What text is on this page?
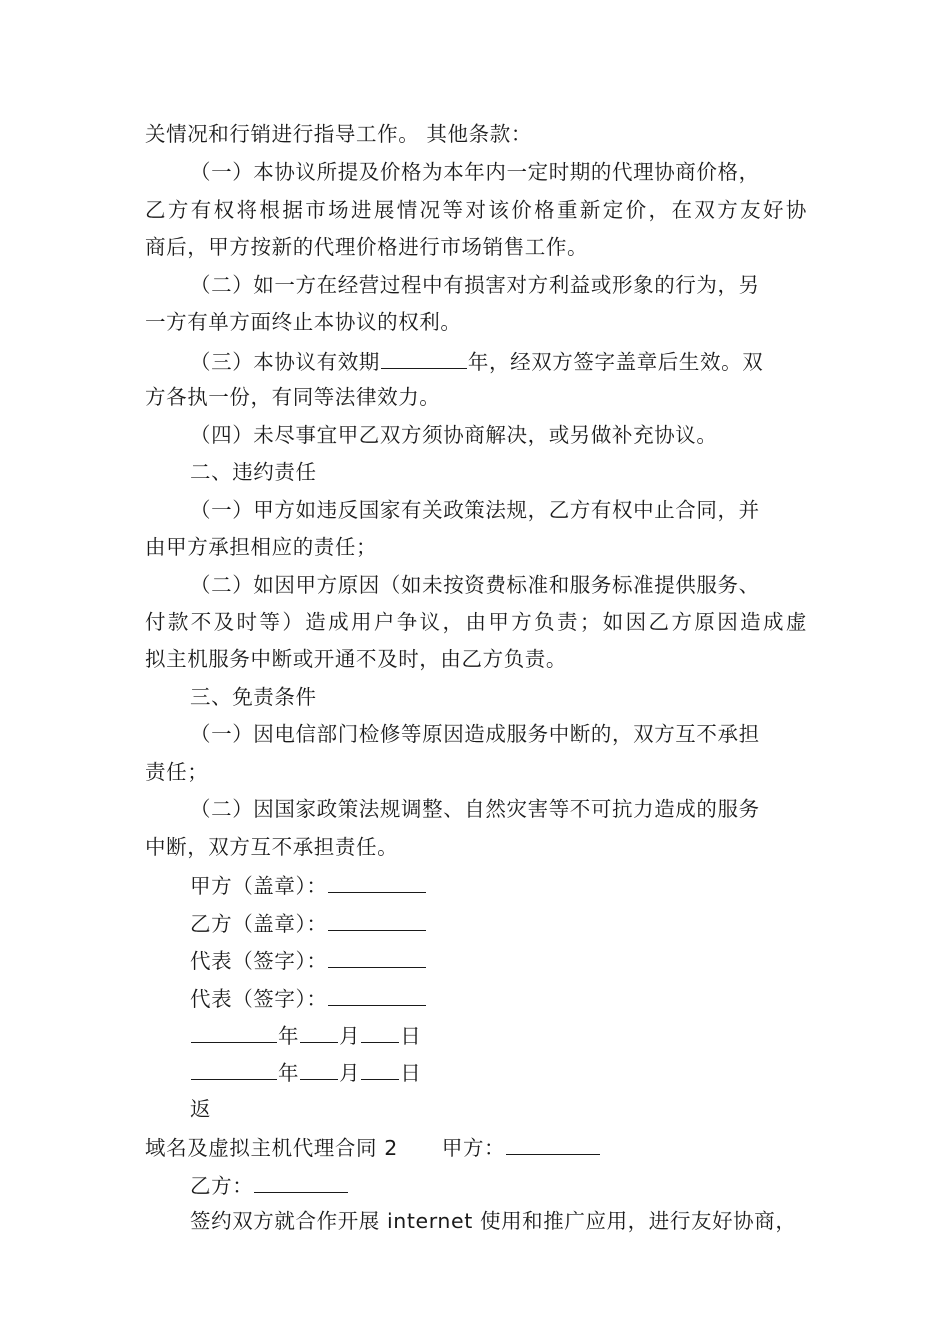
关情况和行销进行指导工作。 其他条款：
（一）本协议所提及价格为本年内一定时期的代理协商价格，
乙方有权将根据市场进展情况等对该价格重新定价，在双方友好协
商后，甲方按新的代理价格进行市场销售工作。
（二）如一方在经营过程中有损害对方利益或形象的行为，另
一方有单方面终止本协议的权利。
（三）本协议有效期	年，经双方签字盖章后生效。双
方各执一份，有同等法律效力。
（四）未尽事宜甲乙双方须协商解决，或另做补充协议。
二、违约责任
（一）甲方如违反国家有关政策法规，乙方有权中止合同，并
由甲方承担相应的责任；
（二）如因甲方原因（如未按资费标准和服务标准提供服务、
付款不及时等）造成用户争议，由甲方负责；如因乙方原因造成虚
拟主机服务中断或开通不及时，由乙方负责。
三、免责条件
（一）因电信部门检修等原因造成服务中断的，双方互不承担
责任；
（二）因国家政策法规调整、自然灾害等不可抗力造成的服务
中断，双方互不承担责任。
甲方（盖章）：
乙方（盖章）：
代表（签字）：
代表（签字）：
年 月 日
年 月 日
返
域名及虚拟主机代理合同 2 甲方：
乙方：
签约双方就合作开展 internet 使用和推广应用，进行友好协商，
